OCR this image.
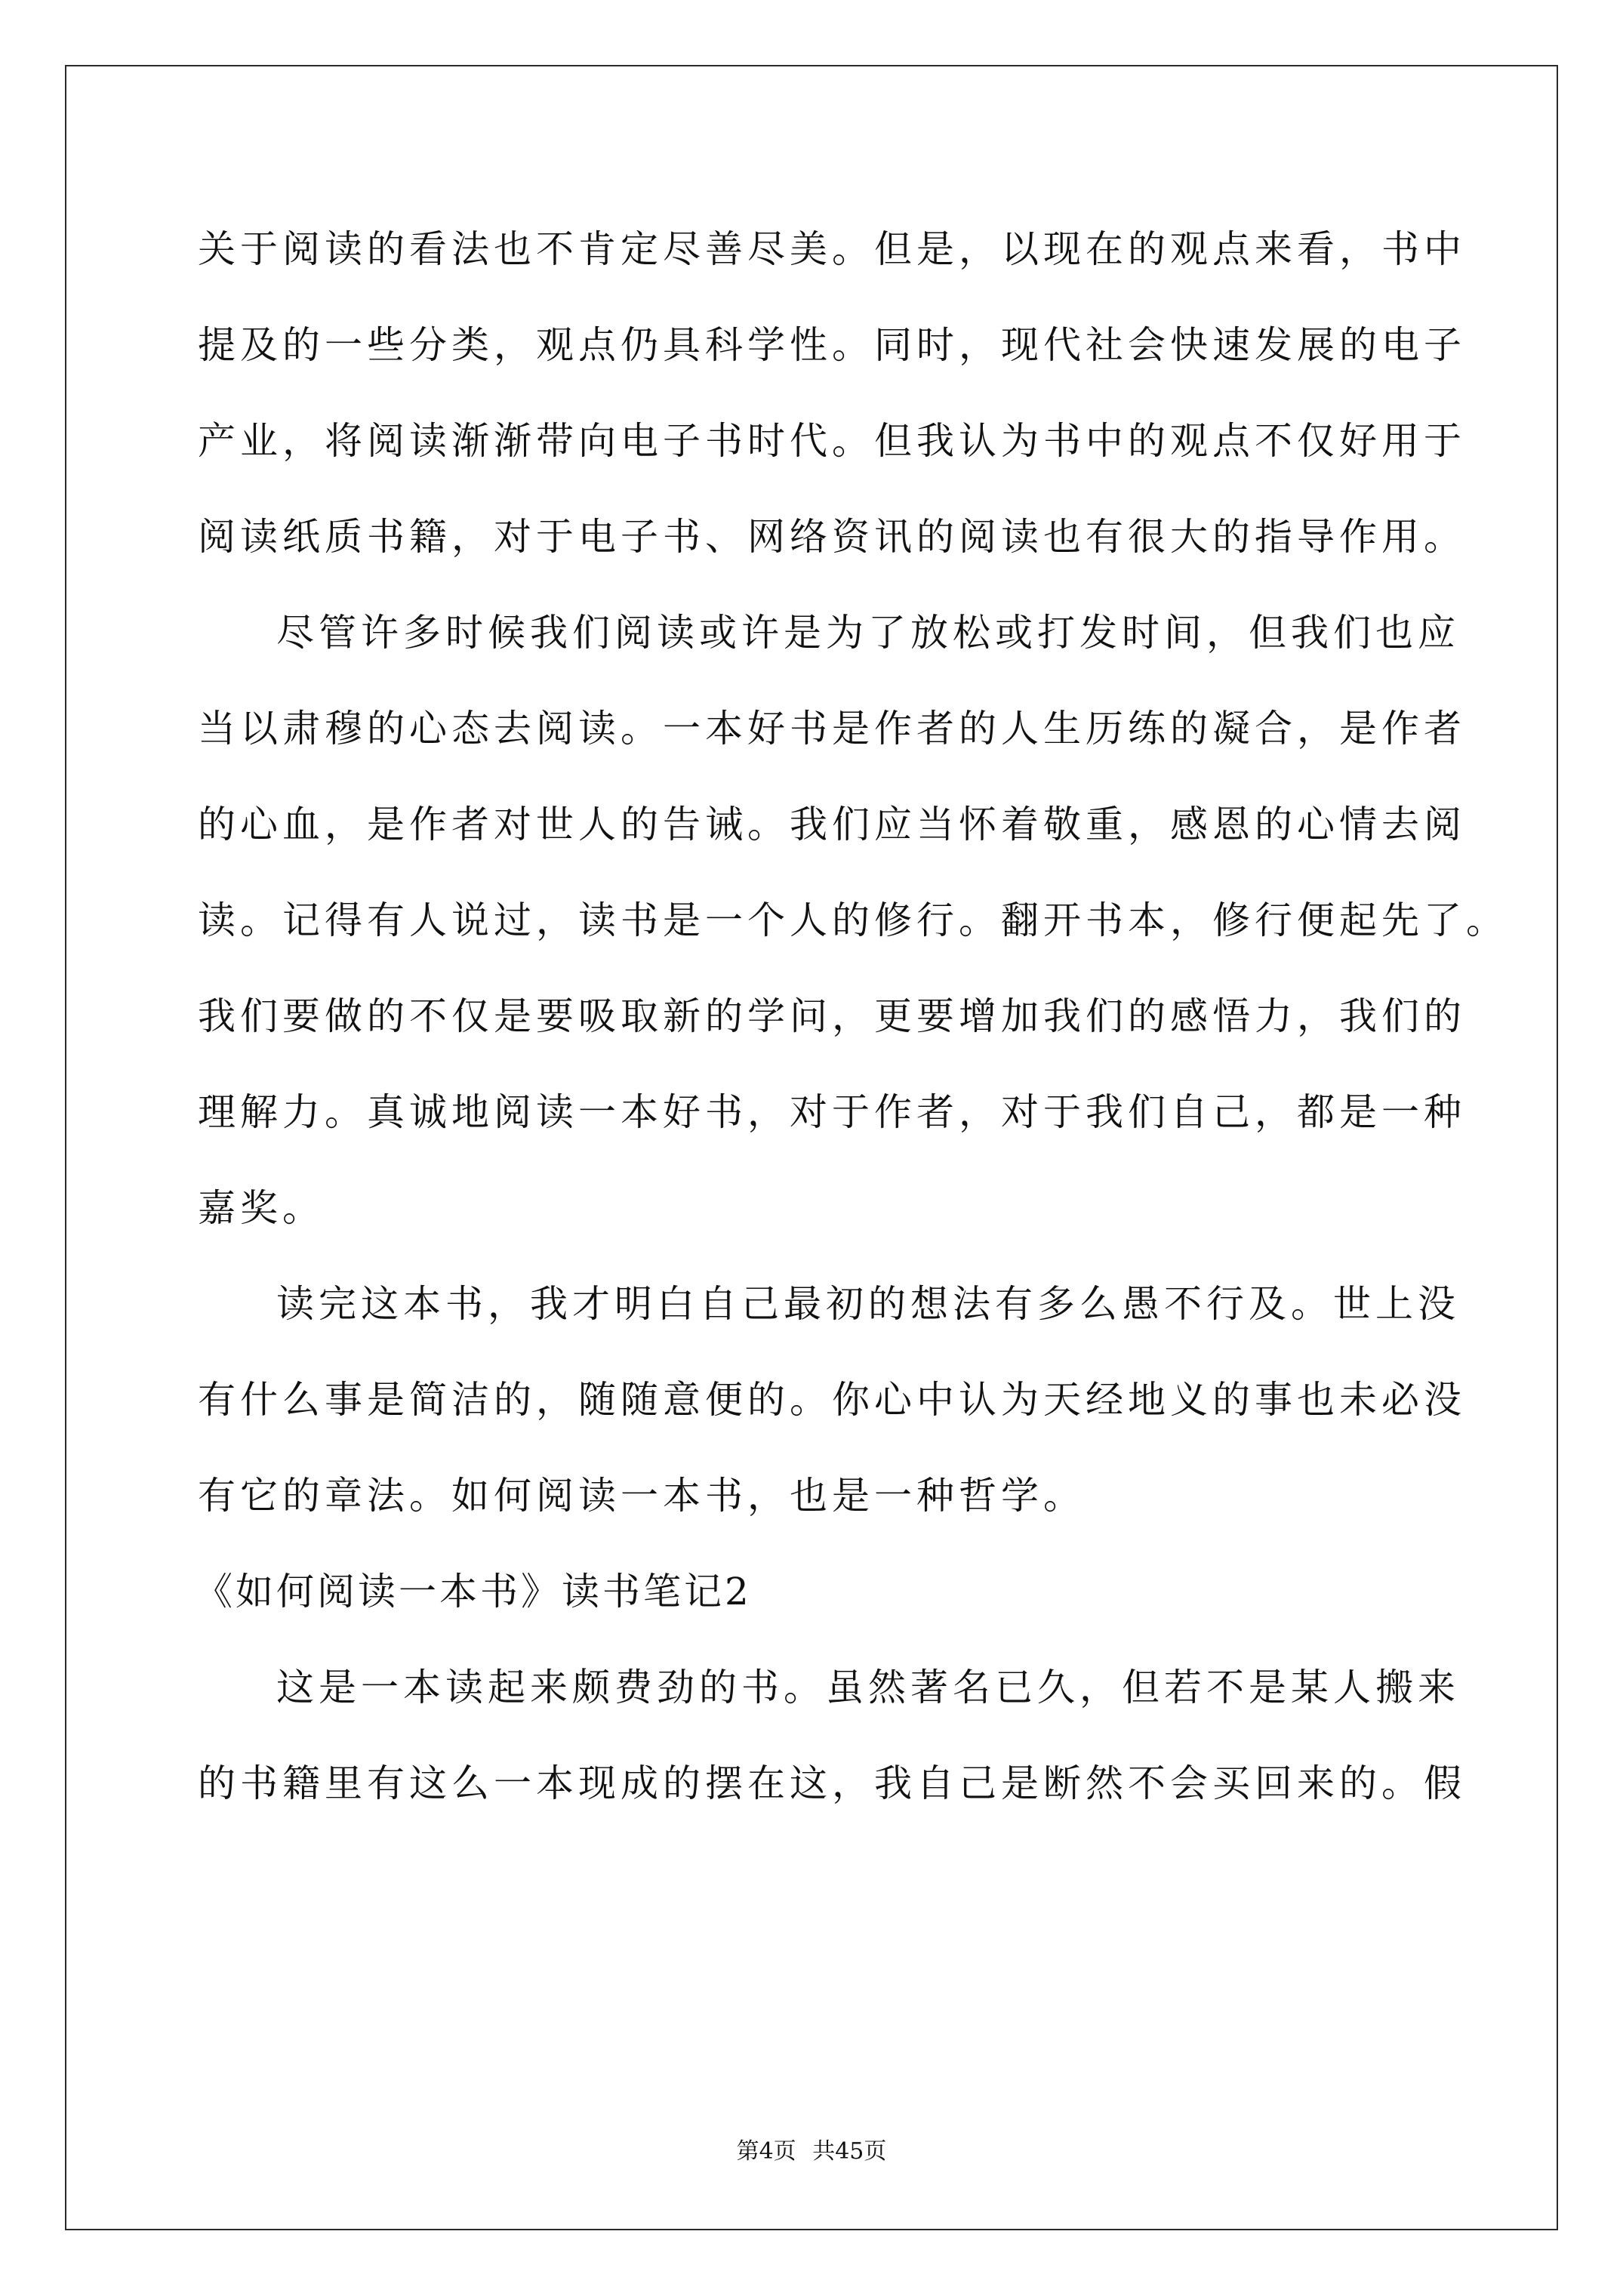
关于阅读的看法也不肯定尽善尽美。但是，以现在的观点来看，书中
提及的一些分类，观点仍具科学性。同时，现代社会快速发展的电子
产业，将阅读渐渐带向电子书时代。但我认为书中的观点不仅好用于
阅读纸质书籍，对于电子书、网络资讯的阅读也有很大的指导作用。
尽管许多时候我们阅读或许是为了放松或打发时间，但我们也应
当以肃穆的心态去阅读。一本好书是作者的人生历练的凝合，是作者
的心血，是作者对世人的告诫。我们应当怀着敬重，感恩的心情去阅
读。记得有人说过，读书是一个人的修行。翻开书本，修行便起先了。
我们要做的不仅是要吸取新的学问，更要增加我们的感悟力，我们的
理解力。真诚地阅读一本好书，对于作者，对于我们自己，都是一种
嘉奖。
读完这本书，我才明白自己最初的想法有多么愚不行及。世上没
有什么事是简洁的，随随意便的。你心中认为天经地义的事也未必没
有它的章法。如何阅读一本书，也是一种哲学。
《如何阅读一本书》读书笔记2
这是一本读起来颇费劲的书。虽然著名已久，但若不是某人搬来
的书籍里有这么一本现成的摆在这，我自己是断然不会买回来的。假
第4页 共45页
